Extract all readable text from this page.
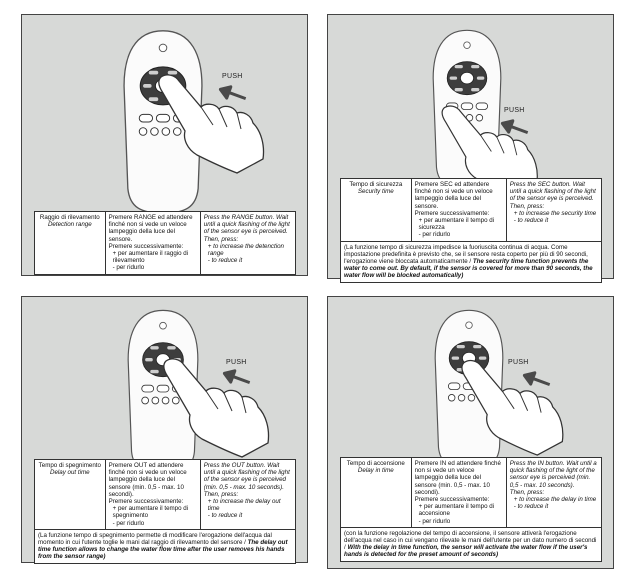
PUSH
Raggio di rilevamento
Detection range
	Premere RANGE ed attendere finché non si vede un veloce lampeggio della luce del sensore.
Premere successivamente:
+ per aumentare il raggio di rilevamento
- per ridurlo
	Press the RANGE button. Wait until a quick flashing of the light of the sensor eye is perceived.
Then, press:
+ to increase the detenction range
- to reduce it
PUSH
Tempo di sicurezza
Security time
	Premere SEC ed attendere finché non si vede un veloce lampeggio della luce del sensore.
Premere successivamente:
+ per aumentare il tempo di sicurezza
- per ridurlo
	Press the SEC button. Wait until a quick flashing of the light of the sensor eye is perceived.
Then, press:
+ to increase the security time
- to reduce it

(La funzione tempo di sicurezza impedisce la fuoriuscita continua di acqua. Come impostazione predefinita è previsto che, se il sensore resta coperto per più di 90 secondi, l'erogazione viene bloccata automaticamente / The security time function prevents the water to come out. By default, if the sensor is covered for more than 90 seconds, the water flow will be blocked automatically)
PUSH
Tempo di spegnimento
Delay out time
	Premere OUT ed attendere finché non si vede un veloce lampeggio della luce del sensore (min. 0,5 - max. 10 secondi).
Premere successivamente:
+ per aumentare il tempo di spegnimento
- per ridurlo
	Press the OUT button. Wait until a quick flashing of the light of the sensor eye is perceived (min. 0,5 - max. 10 seconds).
Then, press:
+ to increase the delay out time
- to reduce it

(La funzione tempo di spegnimento permette di modificare l'erogazione dell'acqua dal momento in cui l'utente toglie le mani dal raggio di rilevamento del sensore / The delay out time function allows to change the water flow time after the user removes his hands from the sensor range)
PUSH
Tempo di accensione
Delay in time
	Premere IN ed attendere finché non si vede un veloce lampeggio della luce del sensore (min. 0,5 - max. 10 secondi).
Premere successivamente:
+ per aumentare il tempo di accensione
- per ridurlo
	Press the IN button. Wait until a quick flashing of the light of the sensor eye is perceived (min. 0,5 - max. 10 seconds).
Then, press:
+ to increase the delay in time
- to reduce it

(con la funzione regolazione del tempo di accensione, il sensore attiverà l'erogazione dell'acqua nel caso in cui vengano rilevate le mani dell'utente per un dato numero di secondi / With the delay in time function, the sensor will activate the water flow if the user's hands is detected for the preset amount of seconds)
